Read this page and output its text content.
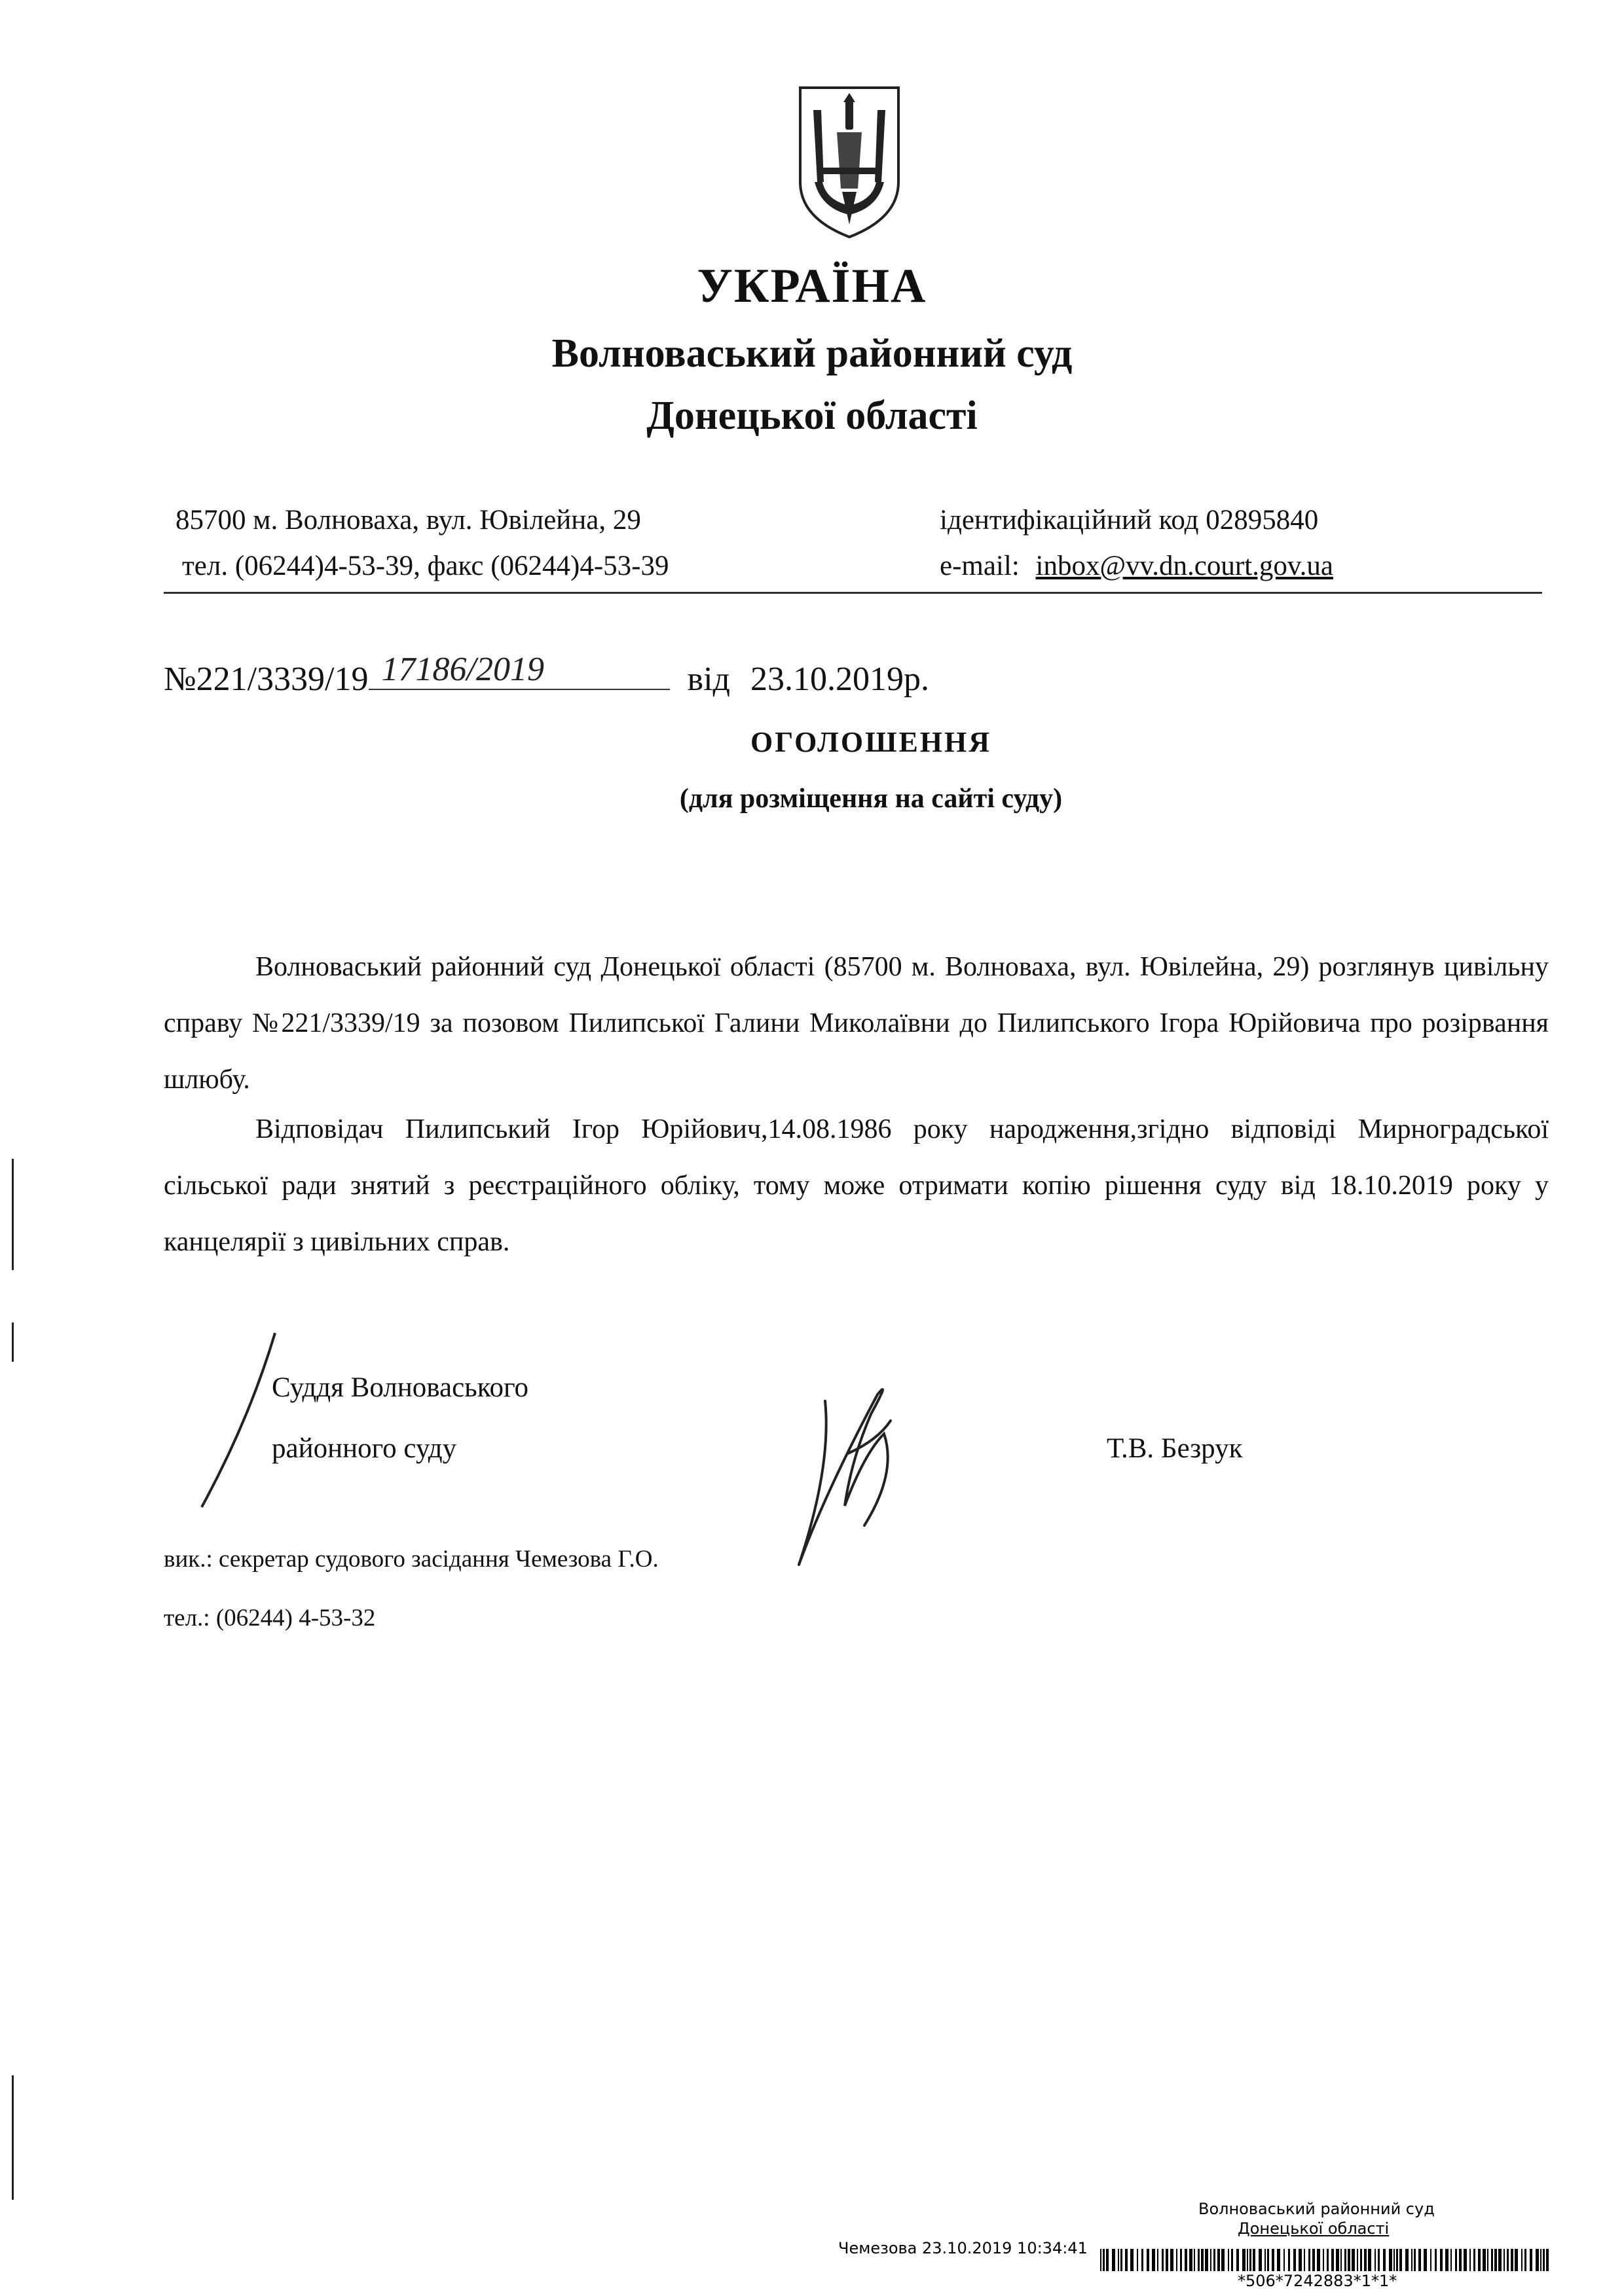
УКРАЇНА
Волноваський районний суд
Донецької області
85700 м. Волноваха, вул. Ювілейна, 29
тел. (06244)4-53-39, факс (06244)4-53-39
ідентифікаційний код 02895840
e-mail: inbox@vv.dn.court.gov.ua
№221/3339/19 17186/2019	від 23.10.2019р.
ОГОЛОШЕННЯ
(для розміщення на сайті суду)
Волноваський районний суд Донецької області (85700 м. Волноваха, вул. Ювілейна, 29) розглянув цивільну справу №221/3339/19 за позовом Пилипської Галини Миколаївни до Пилипського Ігора Юрійовича про розірвання шлюбу.
Відповідач Пилипський Ігор Юрійович,14.08.1986 року народження,згідно відповіді Мирноградської сільської ради знятий з реєстраційного обліку, тому може отримати копію рішення суду від 18.10.2019 року у канцелярії з цивільних справ.
Суддя Волноваського
районного суду	Т.В. Безрук
вик.: секретар судового засідання Чемезова Г.О.
тел.: (06244) 4-53-32
Волноваський районний суд
Донецької області
Чемезова 23.10.2019 10:34:41
*506*7242883*1*1*
